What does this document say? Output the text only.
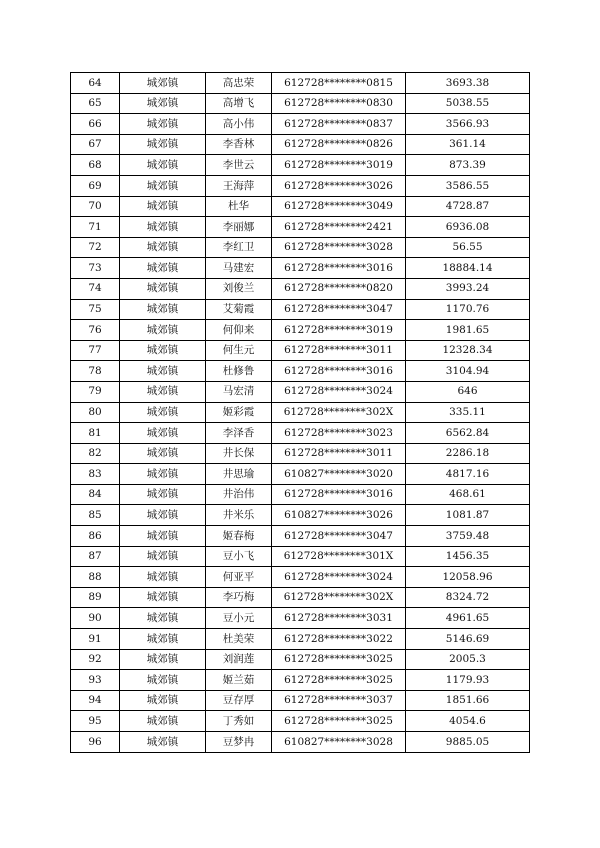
64	城郊镇	高忠荣	612728********0815	3693.38
65	城郊镇	高增飞	612728********0830	5038.55
66	城郊镇	高小伟	612728********0837	3566.93
67	城郊镇	李香林	612728********0826	361.14
68	城郊镇	李世云	612728********3019	873.39
69	城郊镇	王海萍	612728********3026	3586.55
70	城郊镇	杜华	612728********3049	4728.87
71	城郊镇	李丽娜	612728********2421	6936.08
72	城郊镇	李红卫	612728********3028	56.55
73	城郊镇	马建宏	612728********3016	18884.14
74	城郊镇	刘俊兰	612728********0820	3993.24
75	城郊镇	艾菊霞	612728********3047	1170.76
76	城郊镇	何仰来	612728********3019	1981.65
77	城郊镇	何生元	612728********3011	12328.34
78	城郊镇	杜修鲁	612728********3016	3104.94
79	城郊镇	马宏清	612728********3024	646
80	城郊镇	姬彩霞	612728********302X	335.11
81	城郊镇	李泽香	612728********3023	6562.84
82	城郊镇	井长保	612728********3011	2286.18
83	城郊镇	井思瑜	610827********3020	4817.16
84	城郊镇	井治伟	612728********3016	468.61
85	城郊镇	井米乐	610827********3026	1081.87
86	城郊镇	姬春梅	612728********3047	3759.48
87	城郊镇	豆小飞	612728********301X	1456.35
88	城郊镇	何亚平	612728********3024	12058.96
89	城郊镇	李巧梅	612728********302X	8324.72
90	城郊镇	豆小元	612728********3031	4961.65
91	城郊镇	杜美荣	612728********3022	5146.69
92	城郊镇	刘润莲	612728********3025	2005.3
93	城郊镇	姬兰茹	612728********3025	1179.93
94	城郊镇	豆存厚	612728********3037	1851.66
95	城郊镇	丁秀如	612728********3025	4054.6
96	城郊镇	豆梦冉	610827********3028	9885.05
